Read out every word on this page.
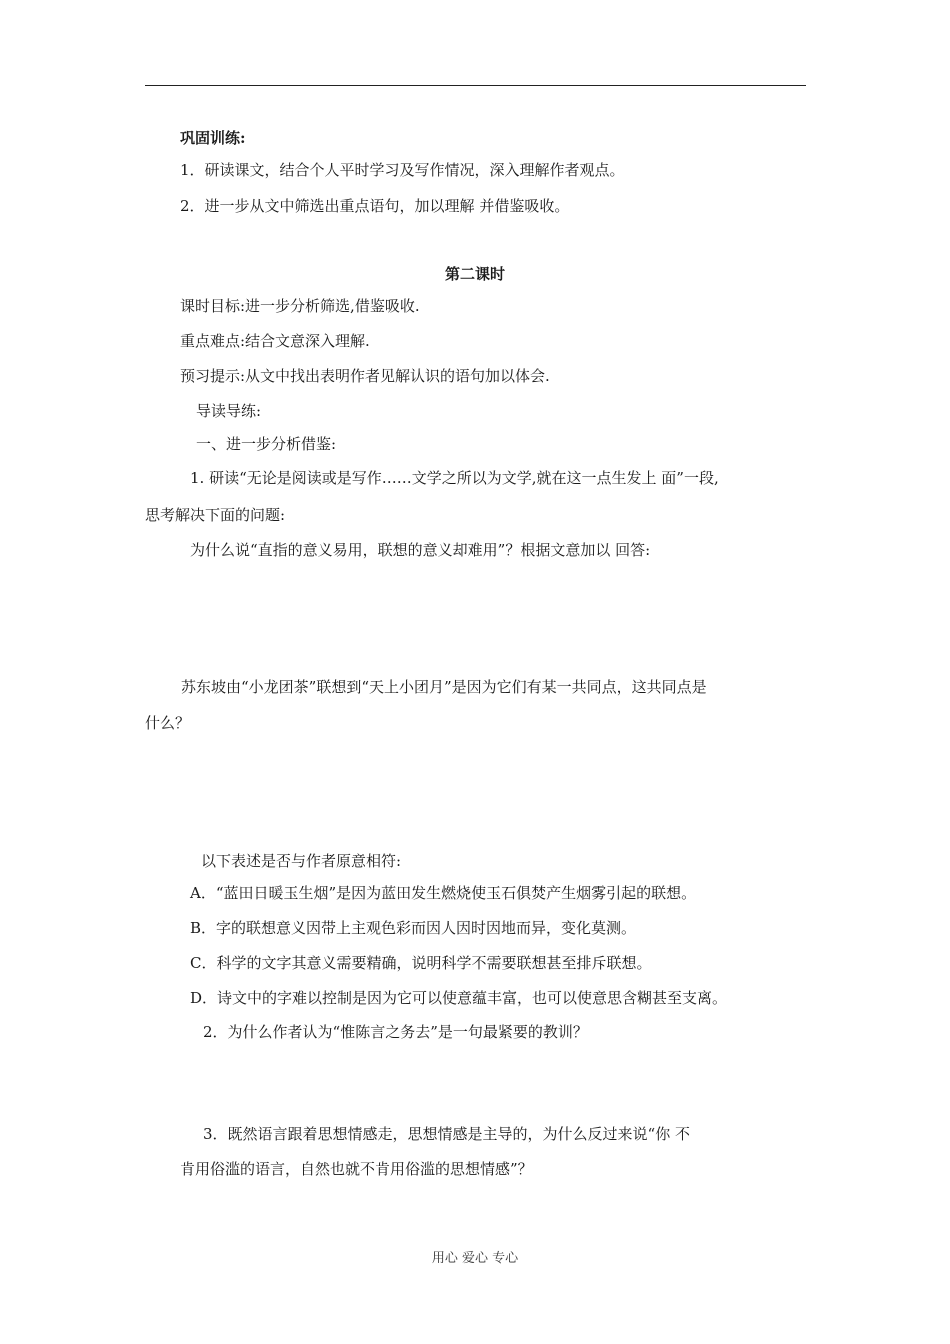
巩固训练:
1．研读课文，结合个人平时学习及写作情况，深入理解作者观点。
2．进一步从文中筛选出重点语句，加以理解 并借鉴吸收。
第二课时
课时目标:进一步分析筛选,借鉴吸收.
重点难点:结合文意深入理解.
预习提示:从文中找出表明作者见解认识的语句加以体会.
导读导练:
一、进一步分析借鉴:
1. 研读“无论是阅读或是写作……文学之所以为文学,就在这一点生发上 面”一段,
思考解决下面的问题:
为什么说“直指的意义易用，联想的意义却难用”？根据文意加以 回答:
苏东坡由“小龙团茶”联想到“天上小团月”是因为它们有某一共同点，这共同点是
什么？
以下表述是否与作者原意相符:
A．“蓝田日暖玉生烟”是因为蓝田发生燃烧使玉石俱焚产生烟雾引起的联想。
B．字的联想意义因带上主观色彩而因人因时因地而异，变化莫测。
C．科学的文字其意义需要精确，说明科学不需要联想甚至排斥联想。
D．诗文中的字难以控制是因为它可以使意蕴丰富，也可以使意思含糊甚至支离。
2．为什么作者认为“惟陈言之务去”是一句最紧要的教训？
3．既然语言跟着思想情感走，思想情感是主导的，为什么反过来说“你 不
肯用俗滥的语言，自然也就不肯用俗滥的思想情感”？
用心 爱心 专心
